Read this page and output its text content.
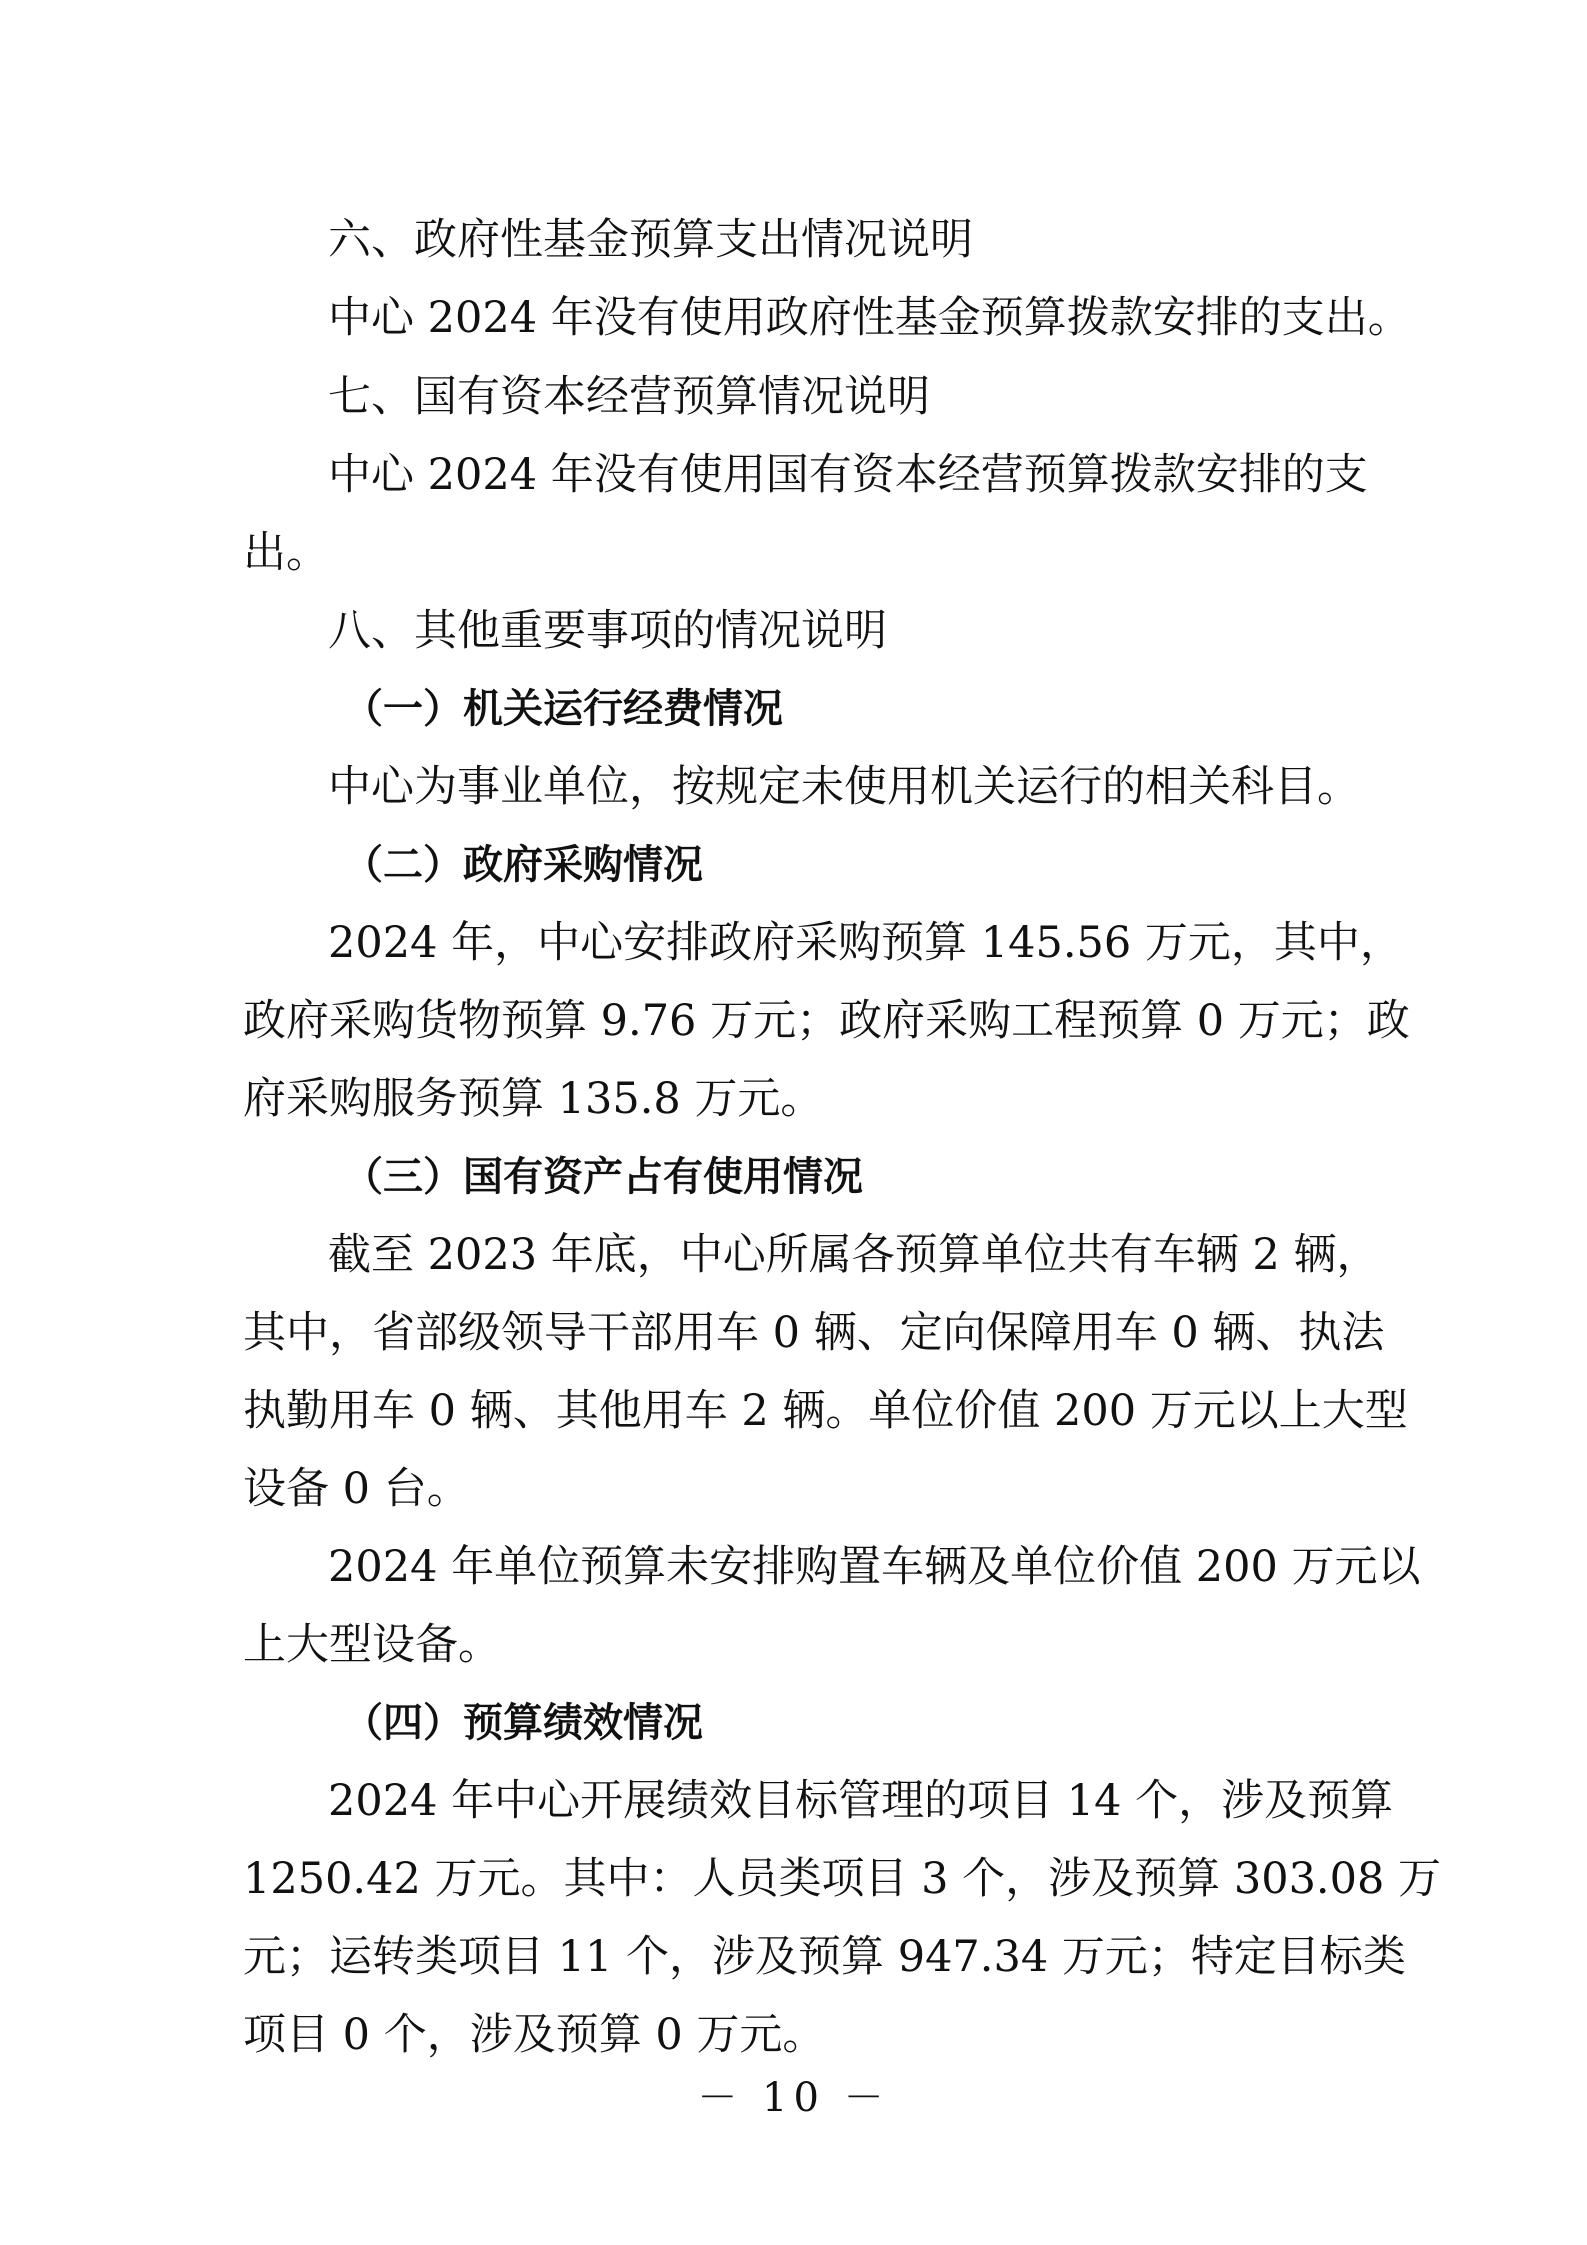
六、政府性基金预算支出情况说明
中心 2024 年没有使用政府性基金预算拨款安排的支出。
七、国有资本经营预算情况说明
中心 2024 年没有使用国有资本经营预算拨款安排的支
出。
八、其他重要事项的情况说明
（一）机关运行经费情况
中心为事业单位，按规定未使用机关运行的相关科目。
（二）政府采购情况
2024 年，中心安排政府采购预算 145.56 万元，其中，
政府采购货物预算 9.76 万元；政府采购工程预算 0 万元；政
府采购服务预算 135.8 万元。
（三）国有资产占有使用情况
截至 2023 年底，中心所属各预算单位共有车辆 2 辆，
其中，省部级领导干部用车 0 辆、定向保障用车 0 辆、执法
执勤用车 0 辆、其他用车 2 辆。单位价值 200 万元以上大型
设备 0 台。
2024 年单位预算未安排购置车辆及单位价值 200 万元以
上大型设备。
（四）预算绩效情况
2024 年中心开展绩效目标管理的项目 14 个，涉及预算
1250.42 万元。其中：人员类项目 3 个，涉及预算 303.08 万
元；运转类项目 11 个，涉及预算 947.34 万元；特定目标类
项目 0 个，涉及预算 0 万元。
－ 10 －
